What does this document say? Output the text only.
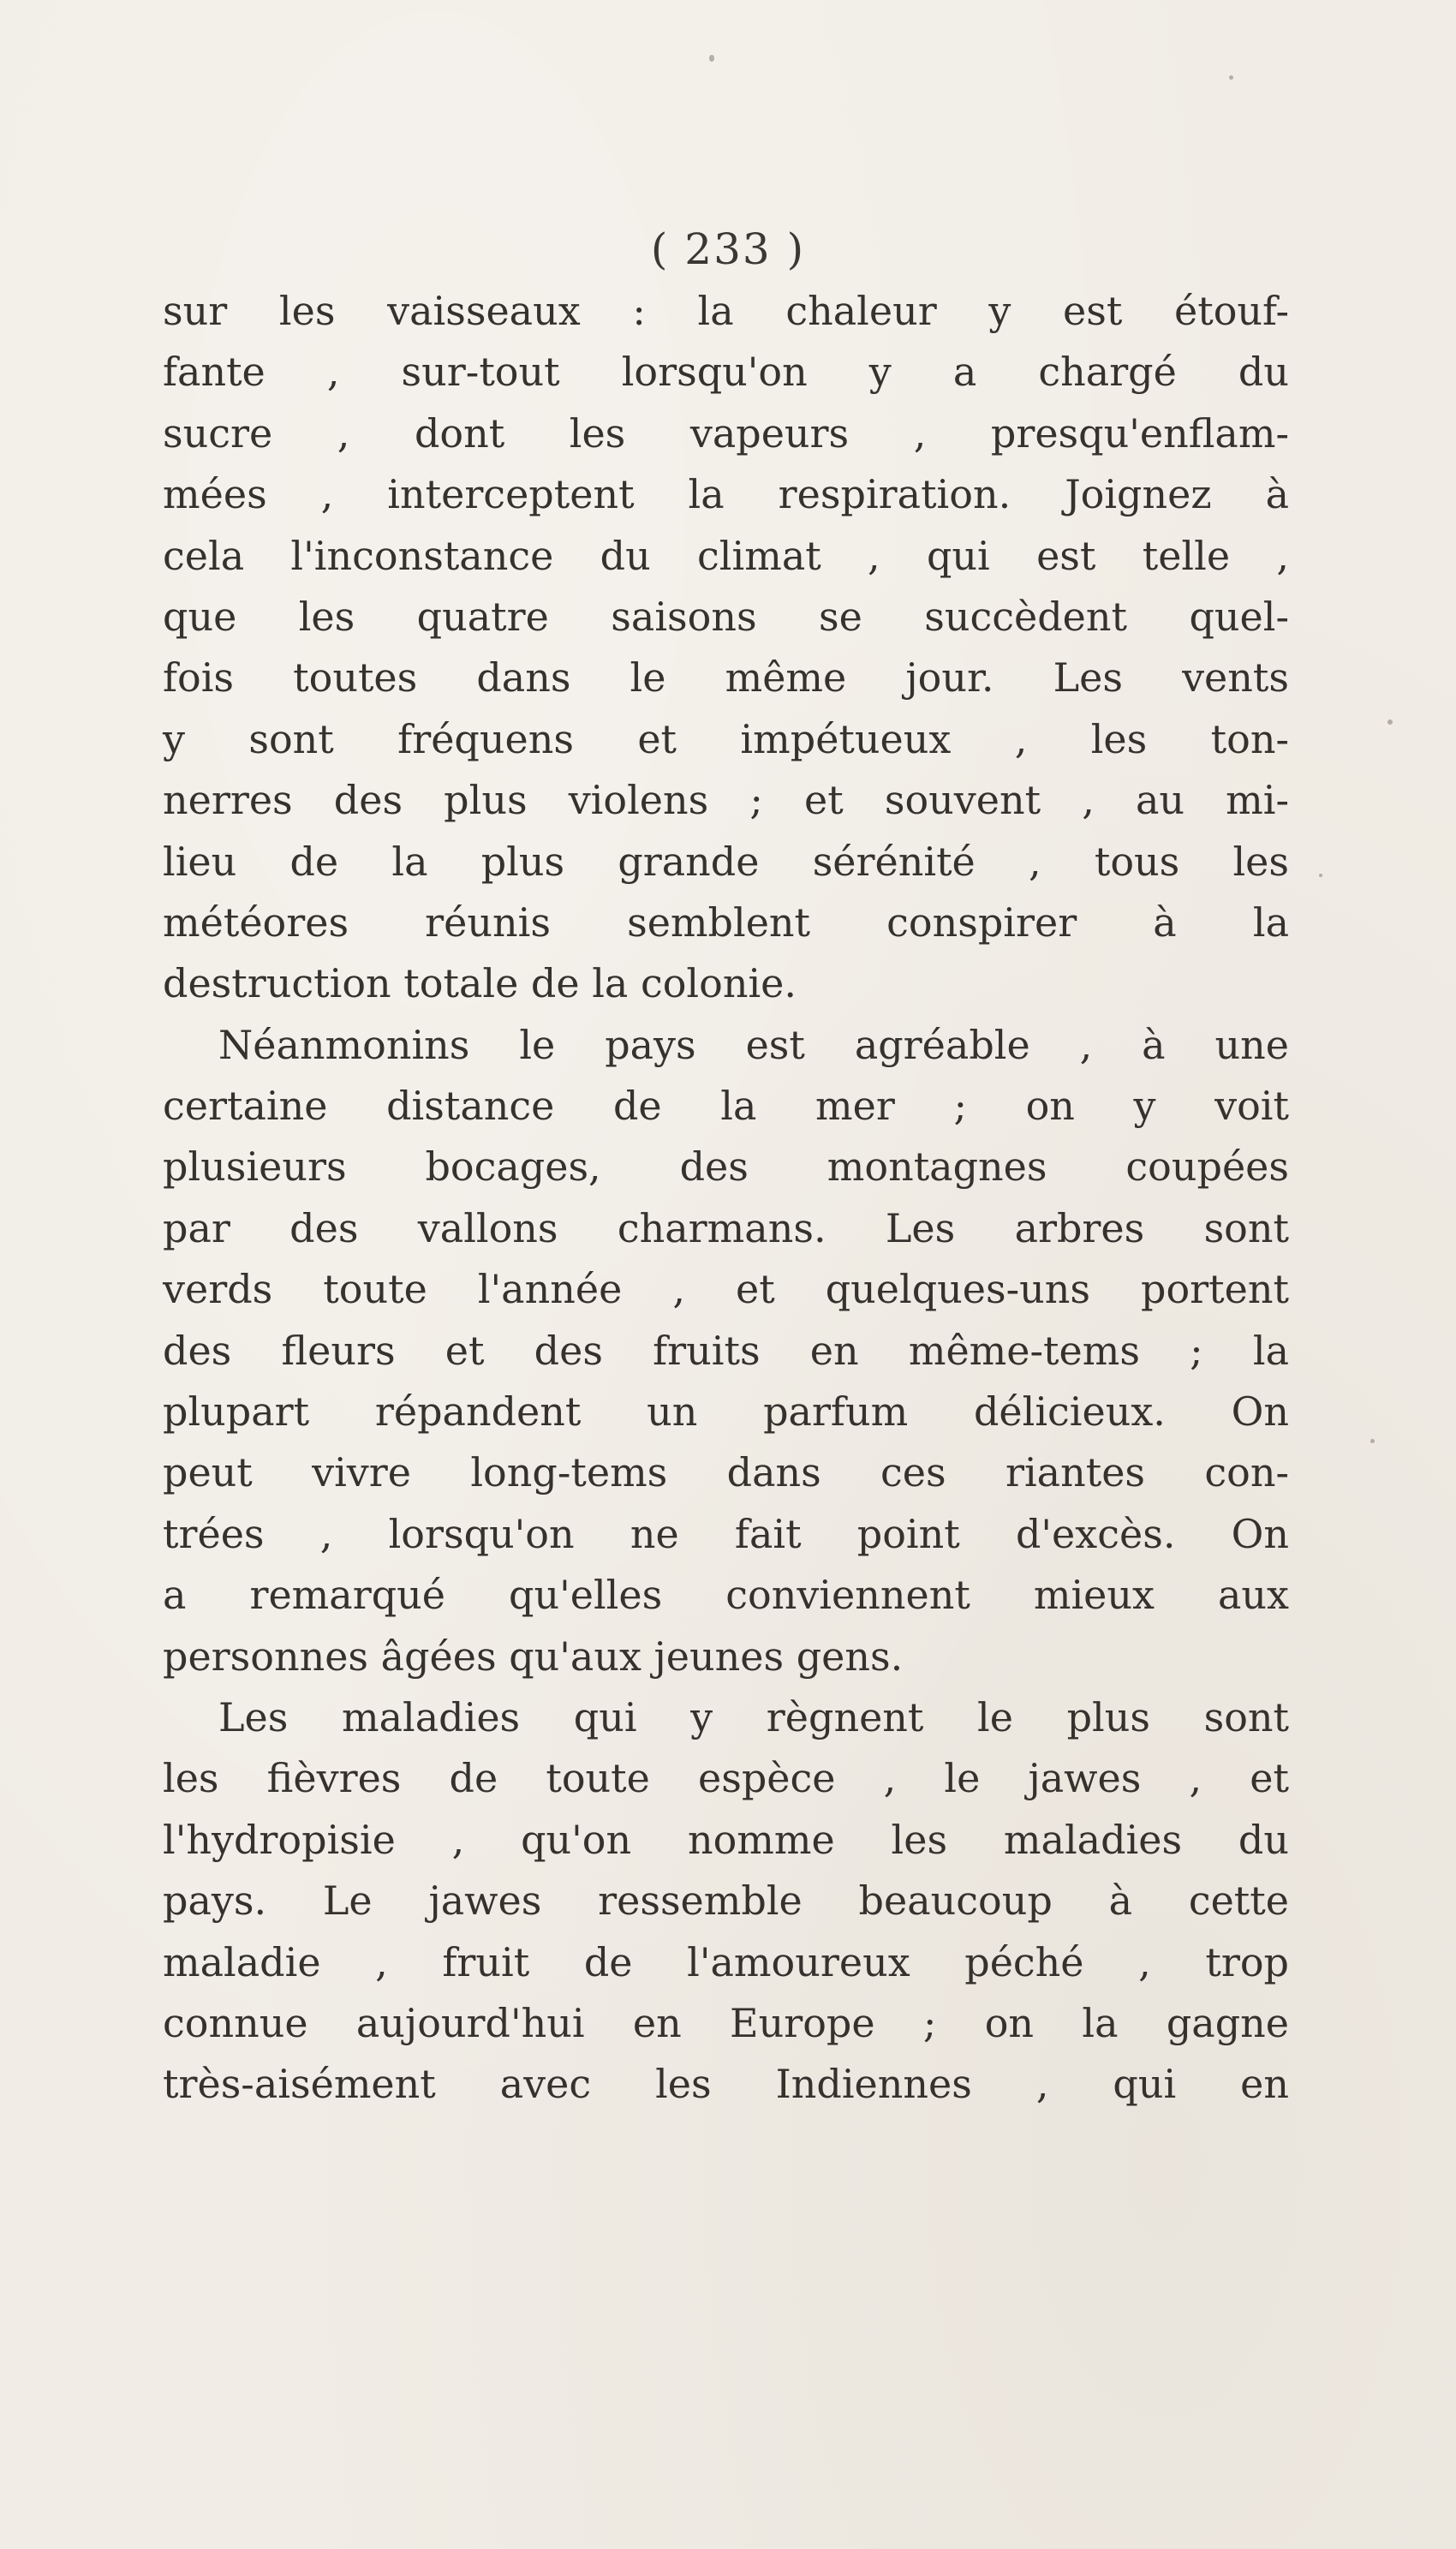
( 233 )
sur les vaisseaux : la chaleur y est étouf-
fante , sur-tout lorsqu'on y a chargé du
sucre , dont les vapeurs , presqu'enflam-
mées , interceptent la respiration. Joignez à
cela l'inconstance du climat , qui est telle ,
que les quatre saisons se succèdent quel-
fois toutes dans le même jour. Les vents
y sont fréquens et impétueux , les ton-
nerres des plus violens ; et souvent , au mi-
lieu de la plus grande sérénité , tous les
météores réunis semblent conspirer à la
destruction totale de la colonie.
Néanmonins le pays est agréable , à une
certaine distance de la mer ; on y voit
plusieurs bocages, des montagnes coupées
par des vallons charmans. Les arbres sont
verds toute l'année , et quelques-uns portent
des fleurs et des fruits en même-tems ; la
plupart répandent un parfum délicieux. On
peut vivre long-tems dans ces riantes con-
trées , lorsqu'on ne fait point d'excès. On
a remarqué qu'elles conviennent mieux aux
personnes âgées qu'aux jeunes gens.
Les maladies qui y règnent le plus sont
les fièvres de toute espèce , le jawes , et
l'hydropisie , qu'on nomme les maladies du
pays. Le jawes ressemble beaucoup à cette
maladie , fruit de l'amoureux péché , trop
connue aujourd'hui en Europe ; on la gagne
très-aisément avec les Indiennes , qui en
